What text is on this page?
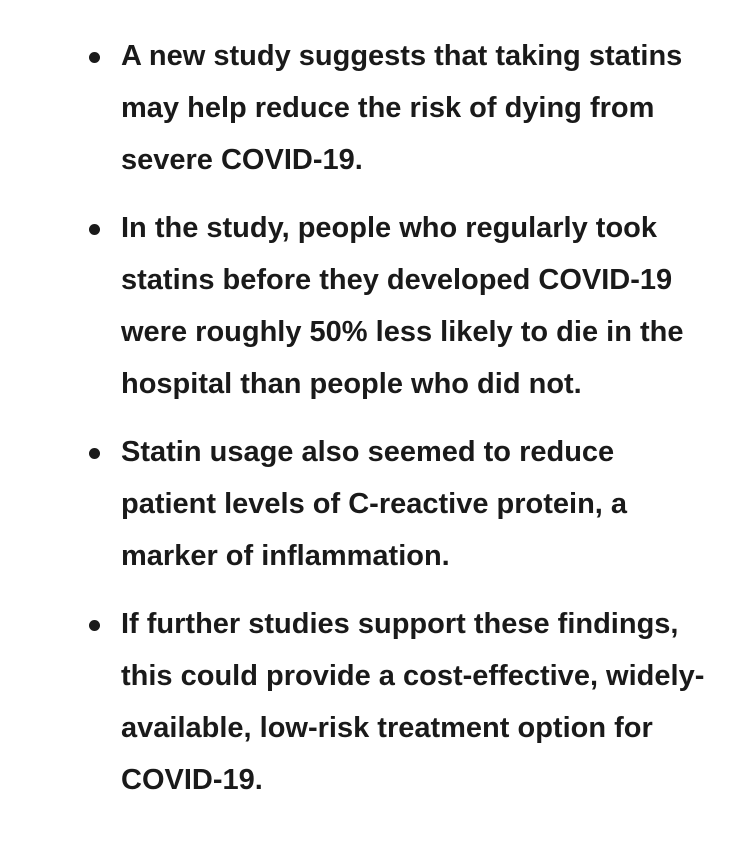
A new study suggests that taking statins may help reduce the risk of dying from severe COVID-19.
In the study, people who regularly took statins before they developed COVID-19 were roughly 50% less likely to die in the hospital than people who did not.
Statin usage also seemed to reduce patient levels of C-reactive protein, a marker of inflammation.
If further studies support these findings, this could provide a cost-effective, widely-available, low-risk treatment option for COVID-19.
